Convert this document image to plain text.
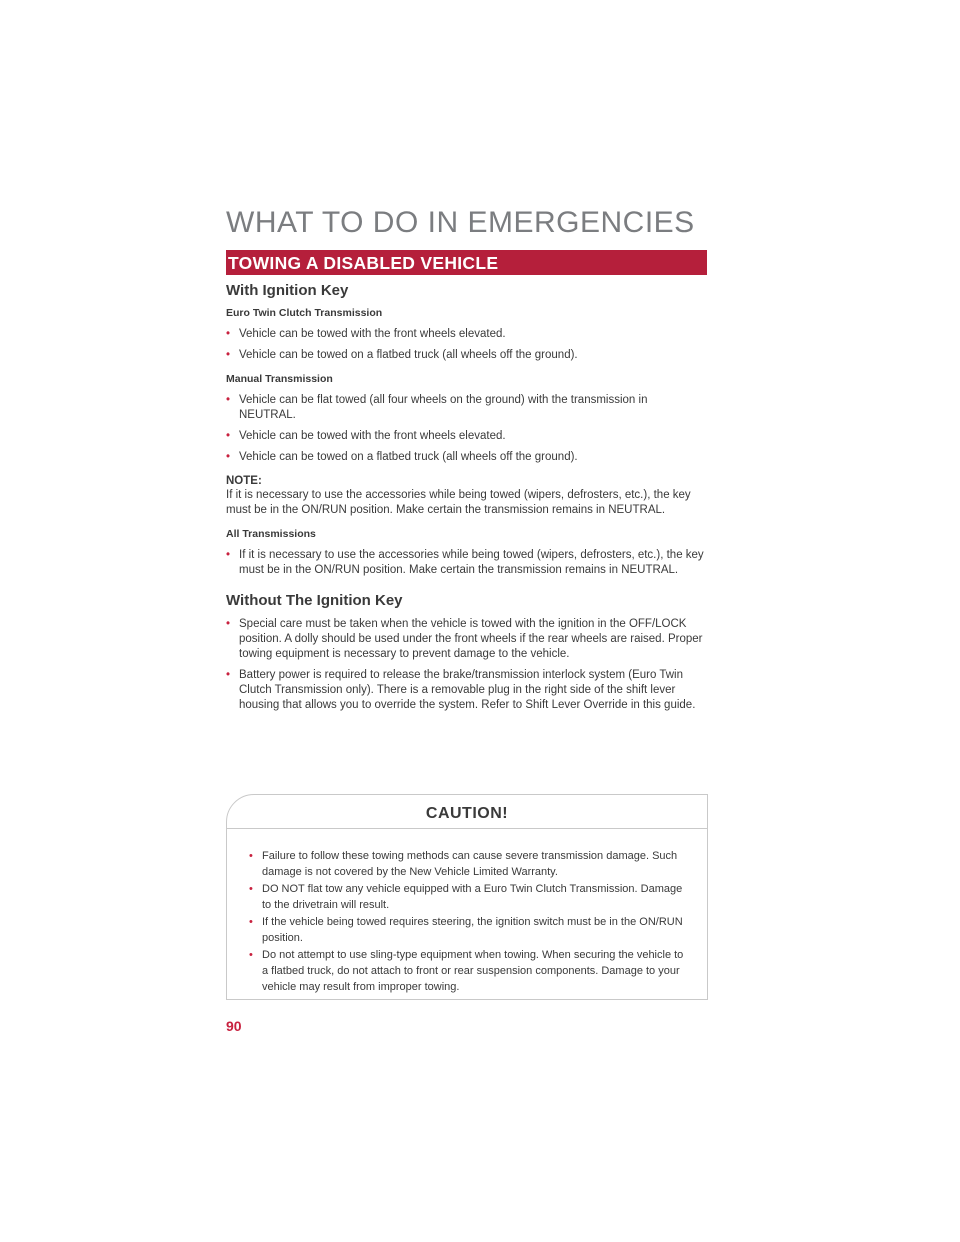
WHAT TO DO IN EMERGENCIES
TOWING A DISABLED VEHICLE
With Ignition Key
Euro Twin Clutch Transmission
• Vehicle can be towed with the front wheels elevated.
• Vehicle can be towed on a flatbed truck (all wheels off the ground).
Manual Transmission
• Vehicle can be flat towed (all four wheels on the ground) with the transmission in NEUTRAL.
• Vehicle can be towed with the front wheels elevated.
• Vehicle can be towed on a flatbed truck (all wheels off the ground).
NOTE:

If it is necessary to use the accessories while being towed (wipers, defrosters, etc.), the key must be in the ON/RUN position. Make certain the transmission remains in NEUTRAL.

All Transmissions
• If it is necessary to use the accessories while being towed (wipers, defrosters, etc.), the key must be in the ON/RUN position. Make certain the transmission remains in NEUTRAL.
Without The Ignition Key
• Special care must be taken when the vehicle is towed with the ignition in the OFF/LOCK position. A dolly should be used under the front wheels if the rear wheels are raised. Proper towing equipment is necessary to prevent damage to the vehicle.
• Battery power is required to release the brake/transmission interlock system (Euro Twin Clutch Transmission only). There is a removable plug in the right side of the shift lever housing that allows you to override the system. Refer to Shift Lever Override in this guide.
CAUTION!
• Failure to follow these towing methods can cause severe transmission damage. Such damage is not covered by the New Vehicle Limited Warranty.
• DO NOT flat tow any vehicle equipped with a Euro Twin Clutch Transmission. Damage to the drivetrain will result.
• If the vehicle being towed requires steering, the ignition switch must be in the ON/RUN position.
• Do not attempt to use sling-type equipment when towing. When securing the vehicle to a flatbed truck, do not attach to front or rear suspension components. Damage to your vehicle may result from improper towing.
90
